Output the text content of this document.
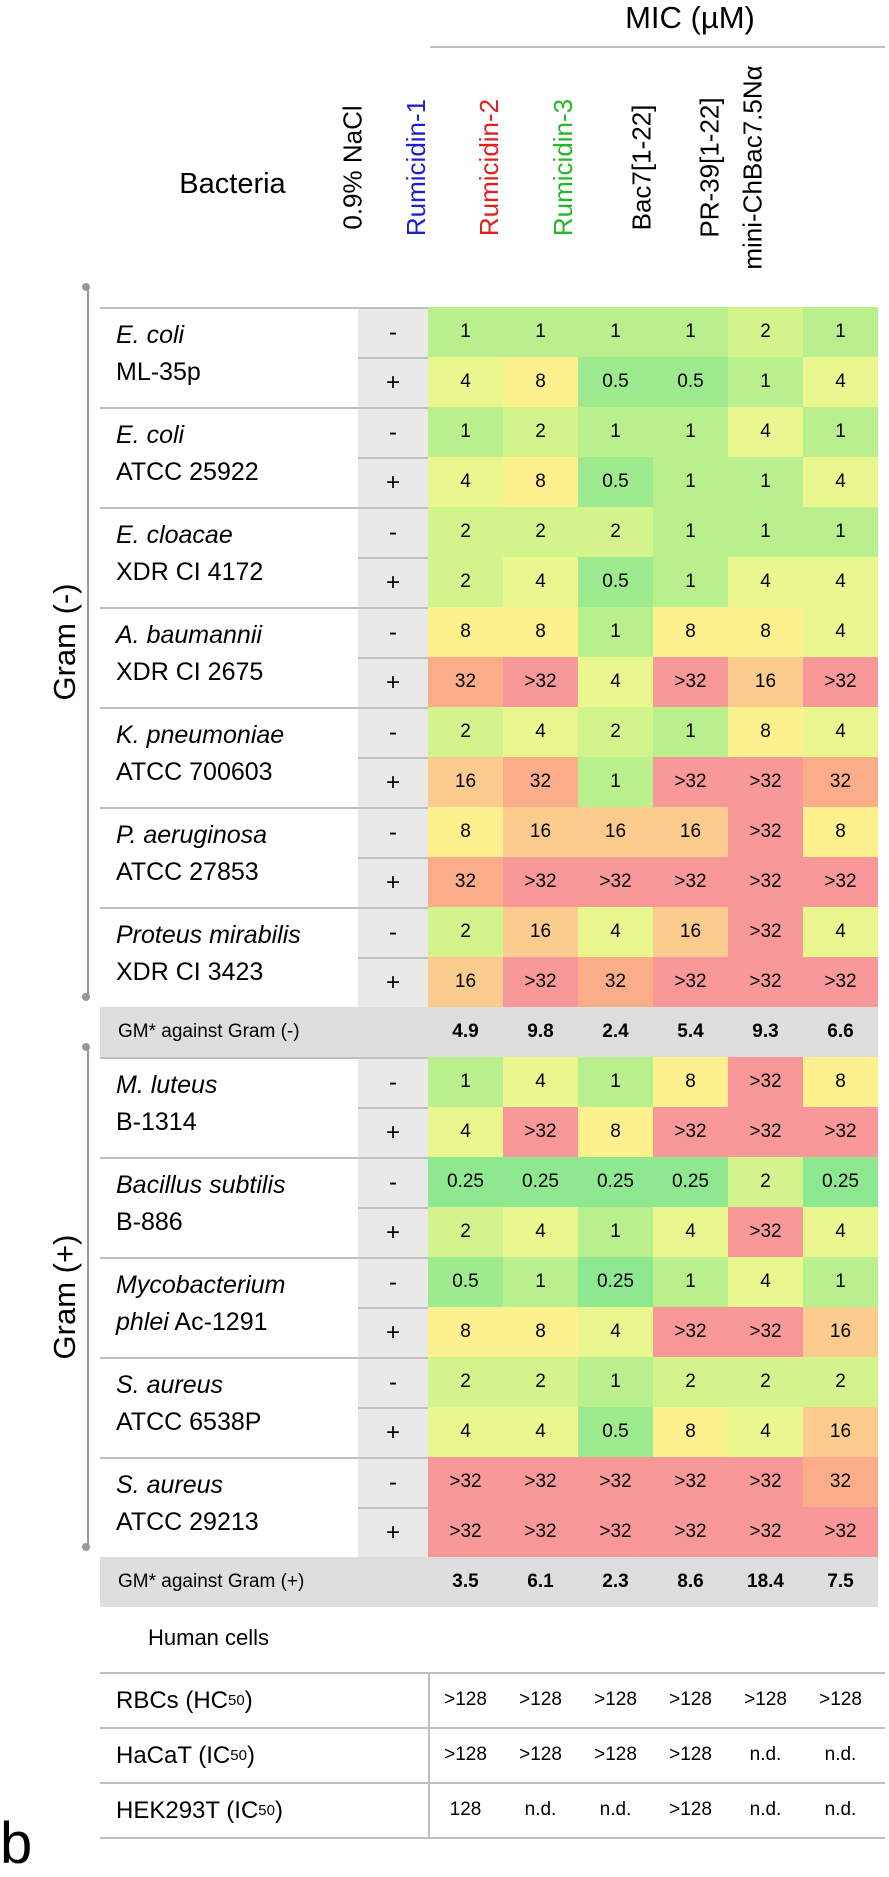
MIC (µM)
Bacteria	0.9% NaCl Rumicidin-1 Rumicidin-2 Rumicidin-3 Bac7[1-22] PR-39[1-22] mini-ChBac7.5Nα
E. coli
ML-35p
-
+
1	1	1	1	2	1
4	8	0.5	0.5	1	4
E. coli
ATCC 25922
-
+
1	2	1	1	4	1
4	8	0.5	1	1	4
E. cloacae
XDR CI 4172
-
+
2	2	2	1	1	1
2	4	0.5	1	4	4
A. baumannii
XDR CI 2675
-
+
8	8	1	8	8	4
32	>32	4	>32	16	>32
K. pneumoniae
ATCC 700603
-
+
2	4	2	1	8	4
16	32	1	>32	>32	32
P. aeruginosa
ATCC 27853
-
+
8	16	16	16	>32	8
32	>32	>32	>32	>32	>32
Proteus mirabilis
XDR CI 3423
-
+
2	16	4	16	>32	4
16	>32	32	>32	>32	>32
Gram (-)
GM* against Gram (-)	4.9	9.8	2.4	5.4	9.3	6.6
M. luteus
B-1314
-
+
1	4	1	8	>32	8
4	>32	8	>32	>32	>32
Bacillus subtilis
B-886
-
+
0.25	0.25	0.25	0.25	2	0.25
2	4	1	4	>32	4
Mycobacterium
phlei Ac-1291
-
+
0.5	1	0.25	1	4	1
8	8	4	>32	>32	16
S. aureus
ATCC 6538P
-
+
2	2	1	2	2	2
4	4	0.5	8	4	16
S. aureus
ATCC 29213
-
+
>32	>32	>32	>32	>32	32
>32	>32	>32	>32	>32	>32
Gram (+)
GM* against Gram (+)	3.5	6.1	2.3	8.6	18.4	7.5
Human cells
RBCs (HC 50 )	>128	>128	>128	>128	>128	>128
HaCaT (IC 50 )	>128	>128	>128	>128	n.d.	n.d.
HEK293T (IC 50 )	128	n.d.	n.d.	>128	n.d.	n.d.
b
